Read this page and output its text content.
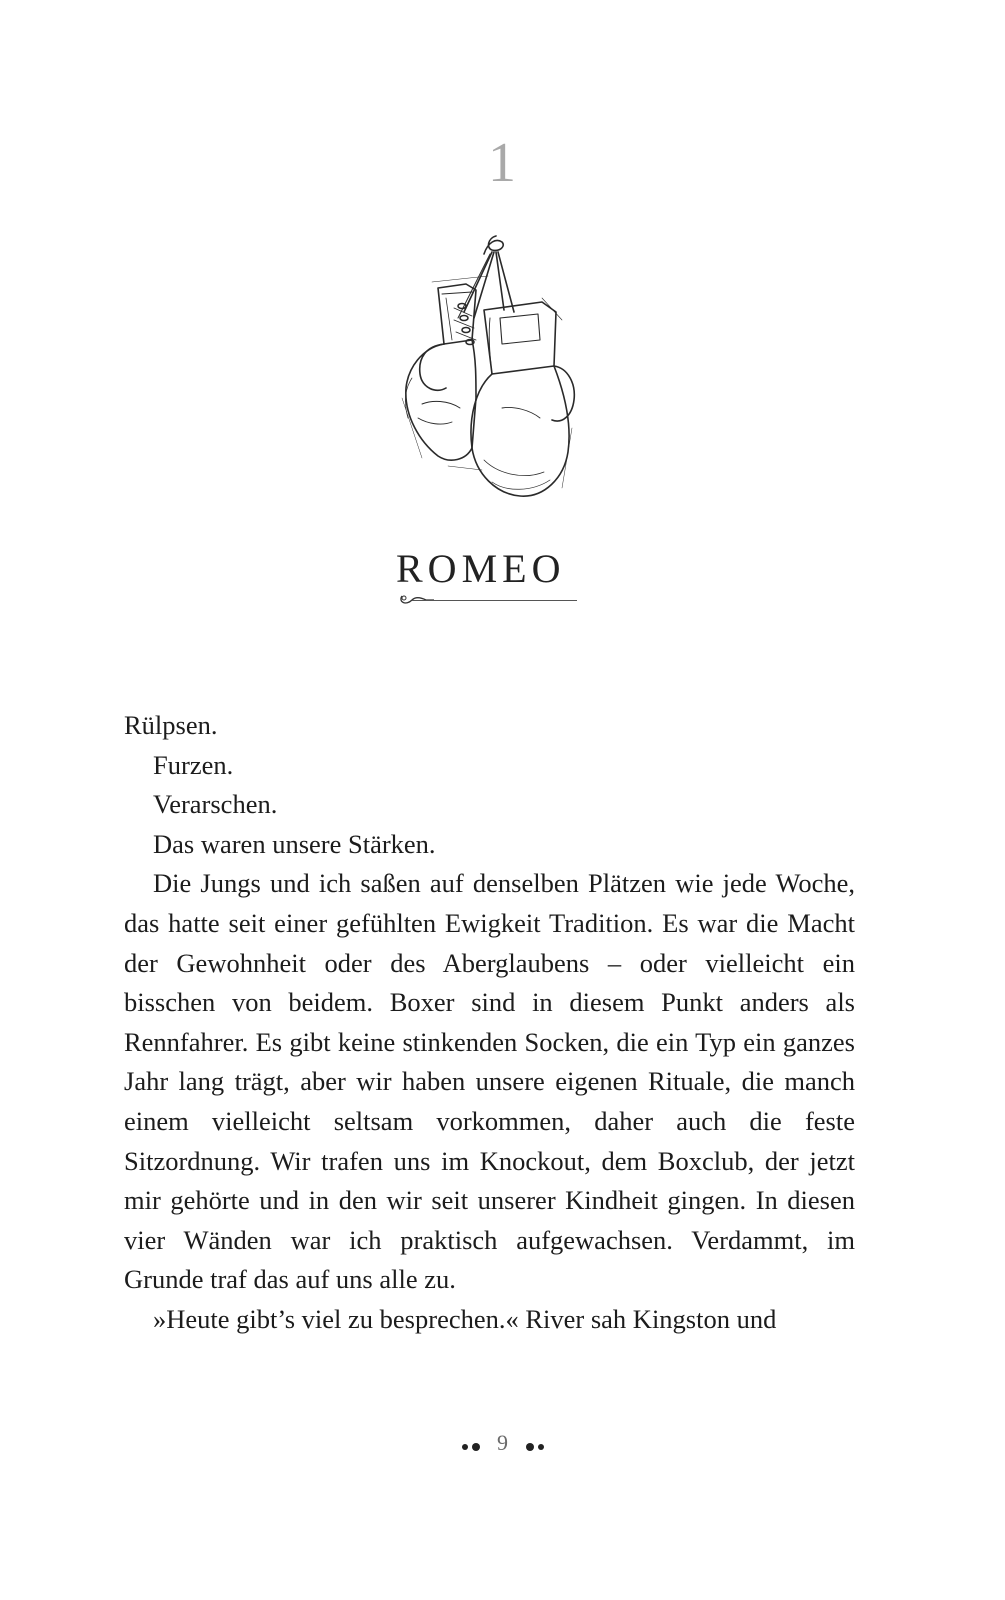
1
ROMEO

Rülpsen.

Furzen.

Verarschen.

Das waren unsere Stärken.

Die Jungs und ich saßen auf denselben Plätzen wie jede Woche, das hatte seit einer gefühlten Ewigkeit Tradition. Es war die Macht der Gewohnheit oder des Aberglaubens – oder vielleicht ein bisschen von beidem. Boxer sind in diesem Punkt anders als Rennfahrer. Es gibt keine stinkenden Socken, die ein Typ ein ganzes Jahr lang trägt, aber wir haben unsere eigenen Rituale, die manch einem vielleicht seltsam vorkommen, daher auch die feste Sitzordnung. Wir trafen uns im Knockout, dem Boxclub, der jetzt mir gehörte und in den wir seit unserer Kindheit gingen. In diesen vier Wänden war ich praktisch aufgewachsen. Verdammt, im Grunde traf das auf uns alle zu.

»Heute gibt’s viel zu besprechen.« River sah Kingston und

9
